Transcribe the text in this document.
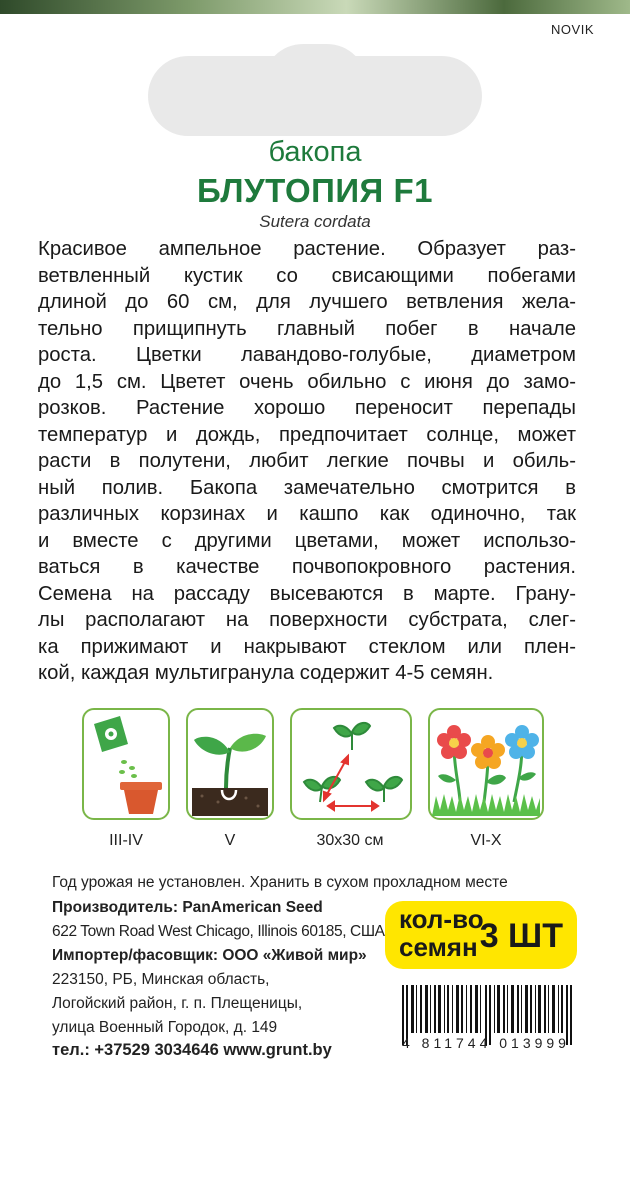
NOVIK
бакопа
БЛУТОПИЯ F1
Sutera cordata
Красивое ампельное растение. Образует раз-
ветвленный кустик со свисающими побегами
длиной до 60 см, для лучшего ветвления желa-
тельно прищипнуть главный побег в начале
роста. Цветки лавандово-голубые, диаметром
до 1,5 см. Цветет очень обильно с июня до замо-
розков. Растение хорошо переносит перепады
температур и дождь, предпочитает солнце, может
расти в полутени, любит легкие почвы и обиль-
ный полив. Бакопа замечательно смотрится в
различных корзинах и кашпо как одиночно, так
и вместе с другими цветами, может использо-
ваться в качестве почвопокровного растения.
Семена на рассаду высеваются в марте. Грану-
лы располагают на поверхности субстрата, слег-
ка прижимают и накрывают стеклом или плен-
кой, каждая мультигранула содержит 4-5 семян.
III-IV	V	30x30 см	VI-X
Год урожая не установлен. Хранить в сухом прохладном месте
Производитель: PanAmerican Seed
622 Town Road West Chicago, Illinois 60185, США
Импортер/фасовщик: ООО «Живой мир»
223150, РБ, Минская область,
Логойский район, г. п. Плещеницы,
улица Военный Городок, д. 149
тел.: +37529 3034646 www.grunt.by
кол-во
семян 3 ШТ
4 811744 013999
